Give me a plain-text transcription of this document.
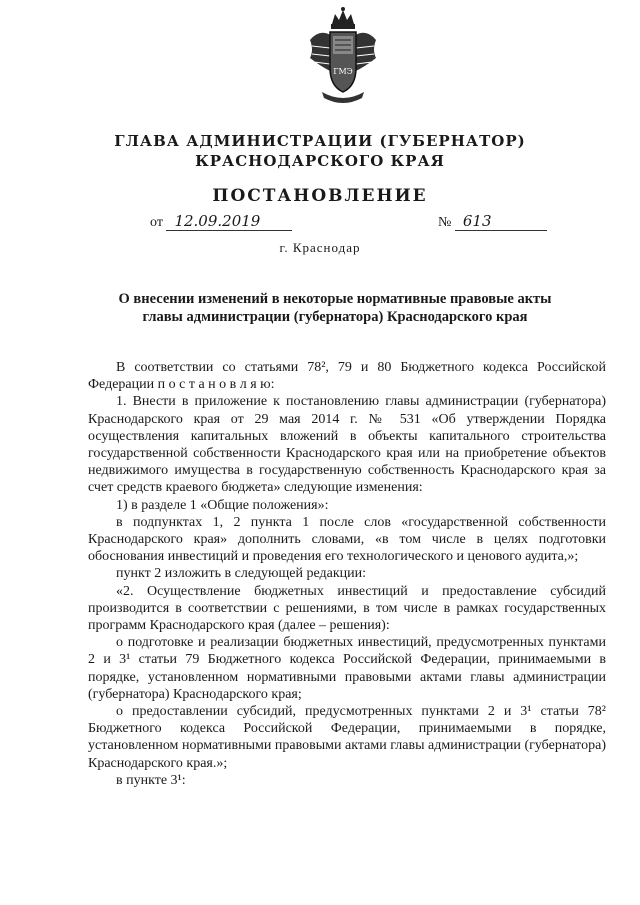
ГМЭ
ГЛАВА АДМИНИСТРАЦИИ (ГУБЕРНАТОР)
КРАСНОДАРСКОГО КРАЯ
ПОСТАНОВЛЕНИЕ
от 12.09.2019	№ 613
г. Краснодар
О внесении изменений в некоторые нормативные правовые акты главы администрации (губернатора) Краснодарского края

В соответствии со статьями 78², 79 и 80 Бюджетного кодекса Российской Федерации п о с т а н о в л я ю:

1. Внести в приложение к постановлению главы администрации (губернатора) Краснодарского края от 29 мая 2014 г. № 531 «Об утверждении Порядка осуществления капитальных вложений в объекты капитального строительства государственной собственности Краснодарского края или на приобретение объектов недвижимого имущества в государственную собственность Краснодарского края за счет средств краевого бюджета» следующие изменения:

1) в разделе 1 «Общие положения»:

в подпунктах 1, 2 пункта 1 после слов «государственной собственности Краснодарского края» дополнить словами, «в том числе в целях подготовки обоснования инвестиций и проведения его технологического и ценового аудита,»;

пункт 2 изложить в следующей редакции:

«2. Осуществление бюджетных инвестиций и предоставление субсидий производится в соответствии с решениями, в том числе в рамках государственных программ Краснодарского края (далее – решения):

о подготовке и реализации бюджетных инвестиций, предусмотренных пунктами 2 и 3¹ статьи 79 Бюджетного кодекса Российской Федерации, принимаемыми в порядке, установленном нормативными правовыми актами главы администрации (губернатора) Краснодарского края;

о предоставлении субсидий, предусмотренных пунктами 2 и 3¹ статьи 78² Бюджетного кодекса Российской Федерации, принимаемыми в порядке, установленном нормативными правовыми актами главы администрации (губернатора) Краснодарского края.»;

в пункте 3¹:
